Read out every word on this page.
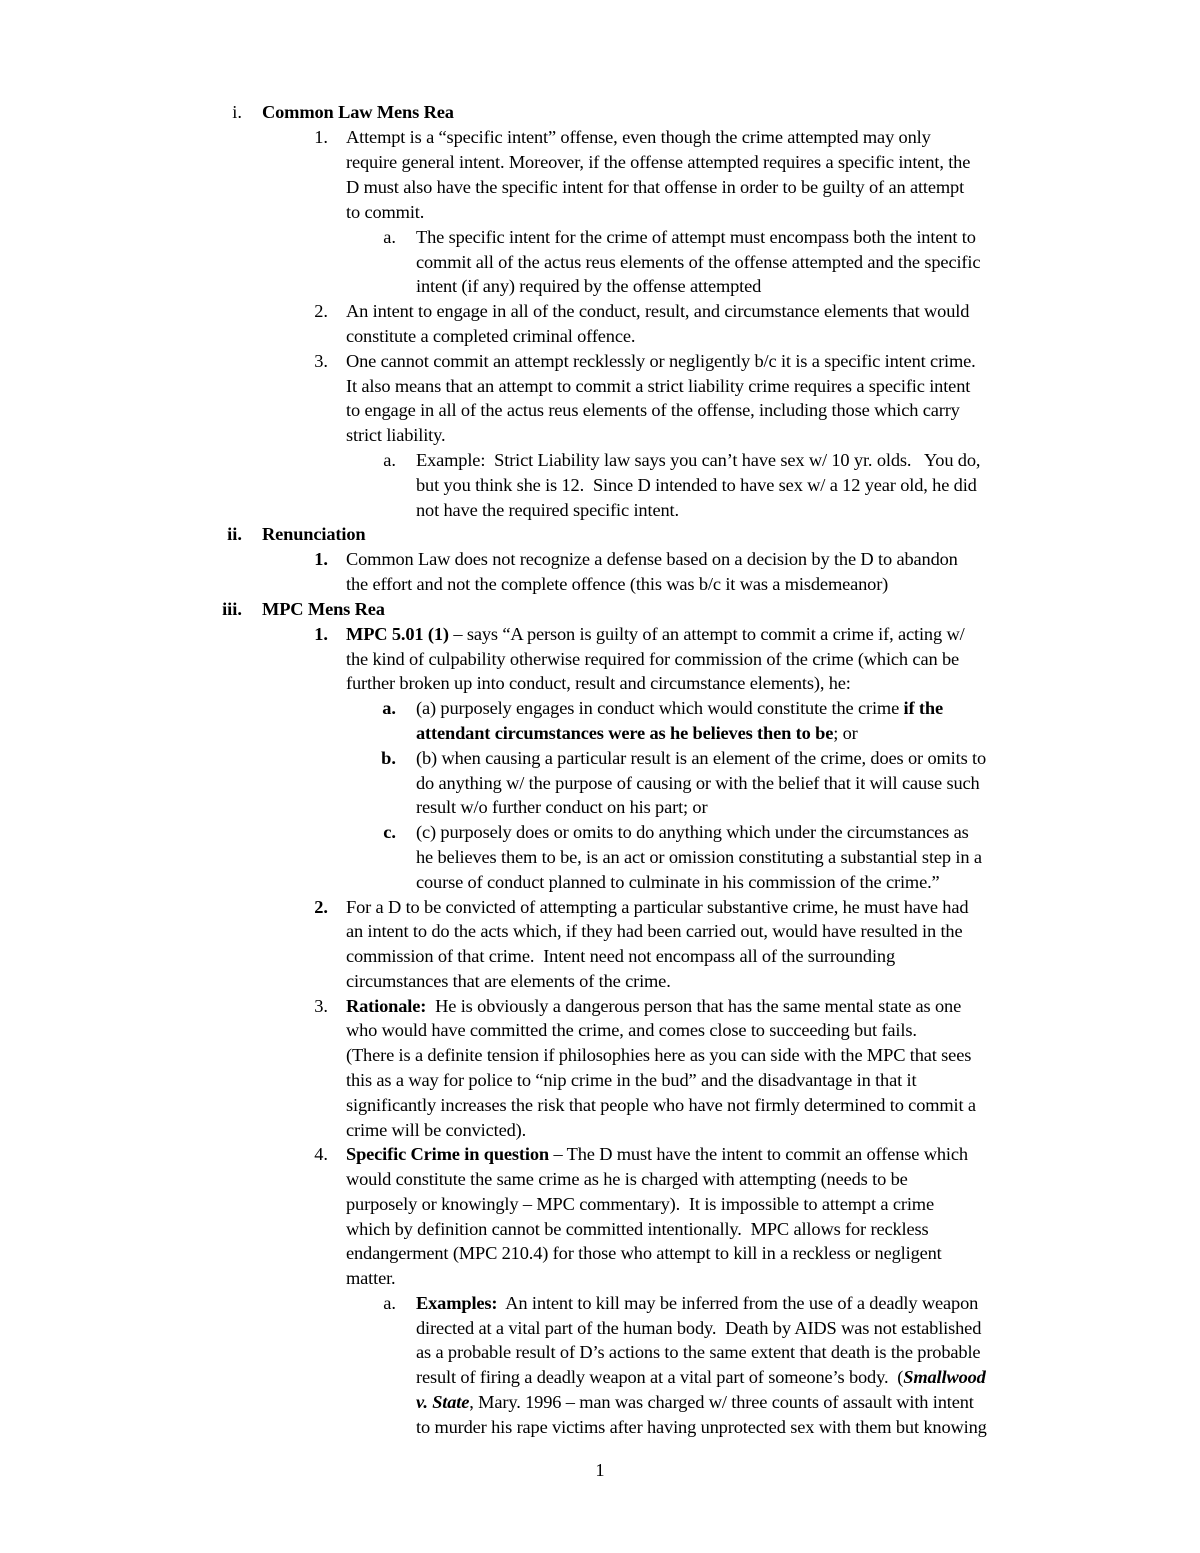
i. Common Law Mens Rea
1. Attempt is a “specific intent” offense, even though the crime attempted may only
require general intent. Moreover, if the offense attempted requires a specific intent, the
D must also have the specific intent for that offense in order to be guilty of an attempt
to commit.
a. The specific intent for the crime of attempt must encompass both the intent to
commit all of the actus reus elements of the offense attempted and the specific
intent (if any) required by the offense attempted
2. An intent to engage in all of the conduct, result, and circumstance elements that would
constitute a completed criminal offence.
3. One cannot commit an attempt recklessly or negligently b/c it is a specific intent crime.
It also means that an attempt to commit a strict liability crime requires a specific intent
to engage in all of the actus reus elements of the offense, including those which carry
strict liability.
a. Example:  Strict Liability law says you can’t have sex w/ 10 yr. olds.   You do,
but you think she is 12.  Since D intended to have sex w/ a 12 year old, he did
not have the required specific intent.
ii. Renunciation
1. Common Law does not recognize a defense based on a decision by the D to abandon
the effort and not the complete offence (this was b/c it was a misdemeanor)
iii. MPC Mens Rea
1. MPC 5.01 (1) – says “A person is guilty of an attempt to commit a crime if, acting w/
the kind of culpability otherwise required for commission of the crime (which can be
further broken up into conduct, result and circumstance elements), he:
a. (a) purposely engages in conduct which would constitute the crime if the
attendant circumstances were as he believes then to be; or
b. (b) when causing a particular result is an element of the crime, does or omits to
do anything w/ the purpose of causing or with the belief that it will cause such
result w/o further conduct on his part; or
c. (c) purposely does or omits to do anything which under the circumstances as
he believes them to be, is an act or omission constituting a substantial step in a
course of conduct planned to culminate in his commission of the crime.”
2. For a D to be convicted of attempting a particular substantive crime, he must have had
an intent to do the acts which, if they had been carried out, would have resulted in the
commission of that crime.  Intent need not encompass all of the surrounding
circumstances that are elements of the crime.
3. Rationale:  He is obviously a dangerous person that has the same mental state as one
who would have committed the crime, and comes close to succeeding but fails.
(There is a definite tension if philosophies here as you can side with the MPC that sees
this as a way for police to “nip crime in the bud” and the disadvantage in that it
significantly increases the risk that people who have not firmly determined to commit a
crime will be convicted).
4. Specific Crime in question – The D must have the intent to commit an offense which
would constitute the same crime as he is charged with attempting (needs to be
purposely or knowingly – MPC commentary).  It is impossible to attempt a crime
which by definition cannot be committed intentionally.  MPC allows for reckless
endangerment (MPC 210.4) for those who attempt to kill in a reckless or negligent
matter.
a. Examples:  An intent to kill may be inferred from the use of a deadly weapon
directed at a vital part of the human body.  Death by AIDS was not established
as a probable result of D’s actions to the same extent that death is the probable
result of firing a deadly weapon at a vital part of someone’s body.  (Smallwood
v. State, Mary. 1996 – man was charged w/ three counts of assault with intent
to murder his rape victims after having unprotected sex with them but knowing
1
